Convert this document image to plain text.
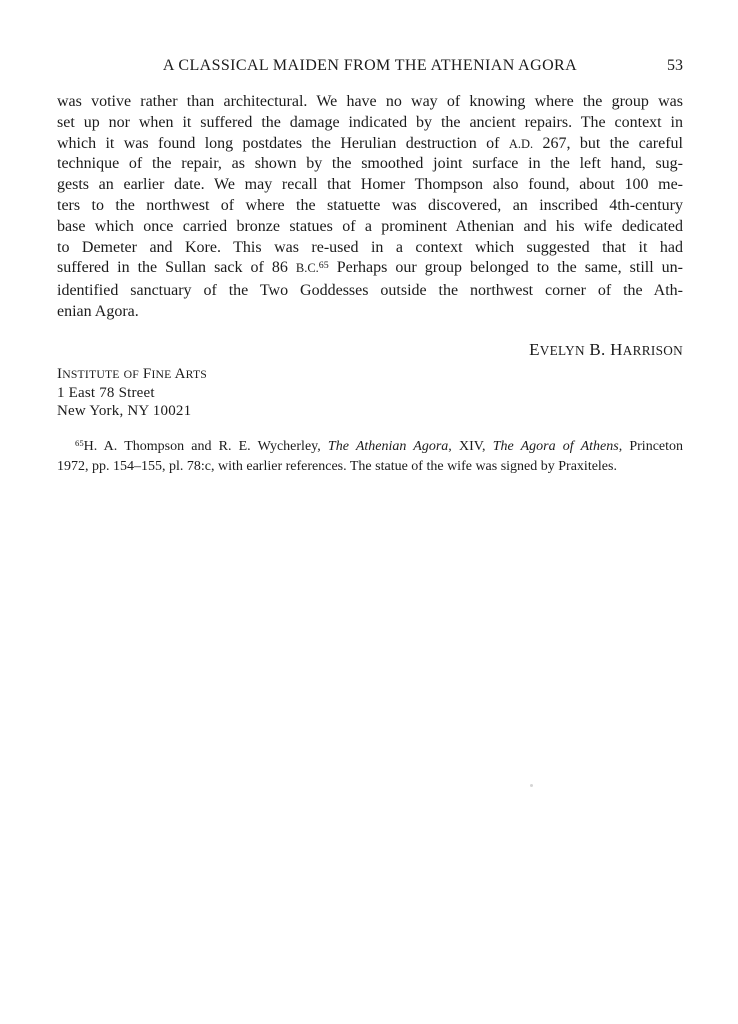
A CLASSICAL MAIDEN FROM THE ATHENIAN AGORA	53
was votive rather than architectural. We have no way of knowing where the group was
set up nor when it suffered the damage indicated by the ancient repairs. The context in
which it was found long postdates the Herulian destruction of A.D. 267, but the careful
technique of the repair, as shown by the smoothed joint surface in the left hand, sug-
gests an earlier date. We may recall that Homer Thompson also found, about 100 me-
ters to the northwest of where the statuette was discovered, an inscribed 4th-century
base which once carried bronze statues of a prominent Athenian and his wife dedicated
to Demeter and Kore. This was re-used in a context which suggested that it had
suffered in the Sullan sack of 86 B.C.$^{65}$ Perhaps our group belonged to the same, still un-
identified sanctuary of the Two Goddesses outside the northwest corner of the Ath-
enian Agora.
EVELYN B. HARRISON
INSTITUTE OF FINE ARTS
1 East 78 Street
New York, NY 10021
$^{65}$H. A. Thompson and R. E. Wycherley, The Athenian Agora, XIV, The Agora of Athens, Princeton
1972, pp. 154–155, pl. 78:c, with earlier references. The statue of the wife was signed by Praxiteles.
